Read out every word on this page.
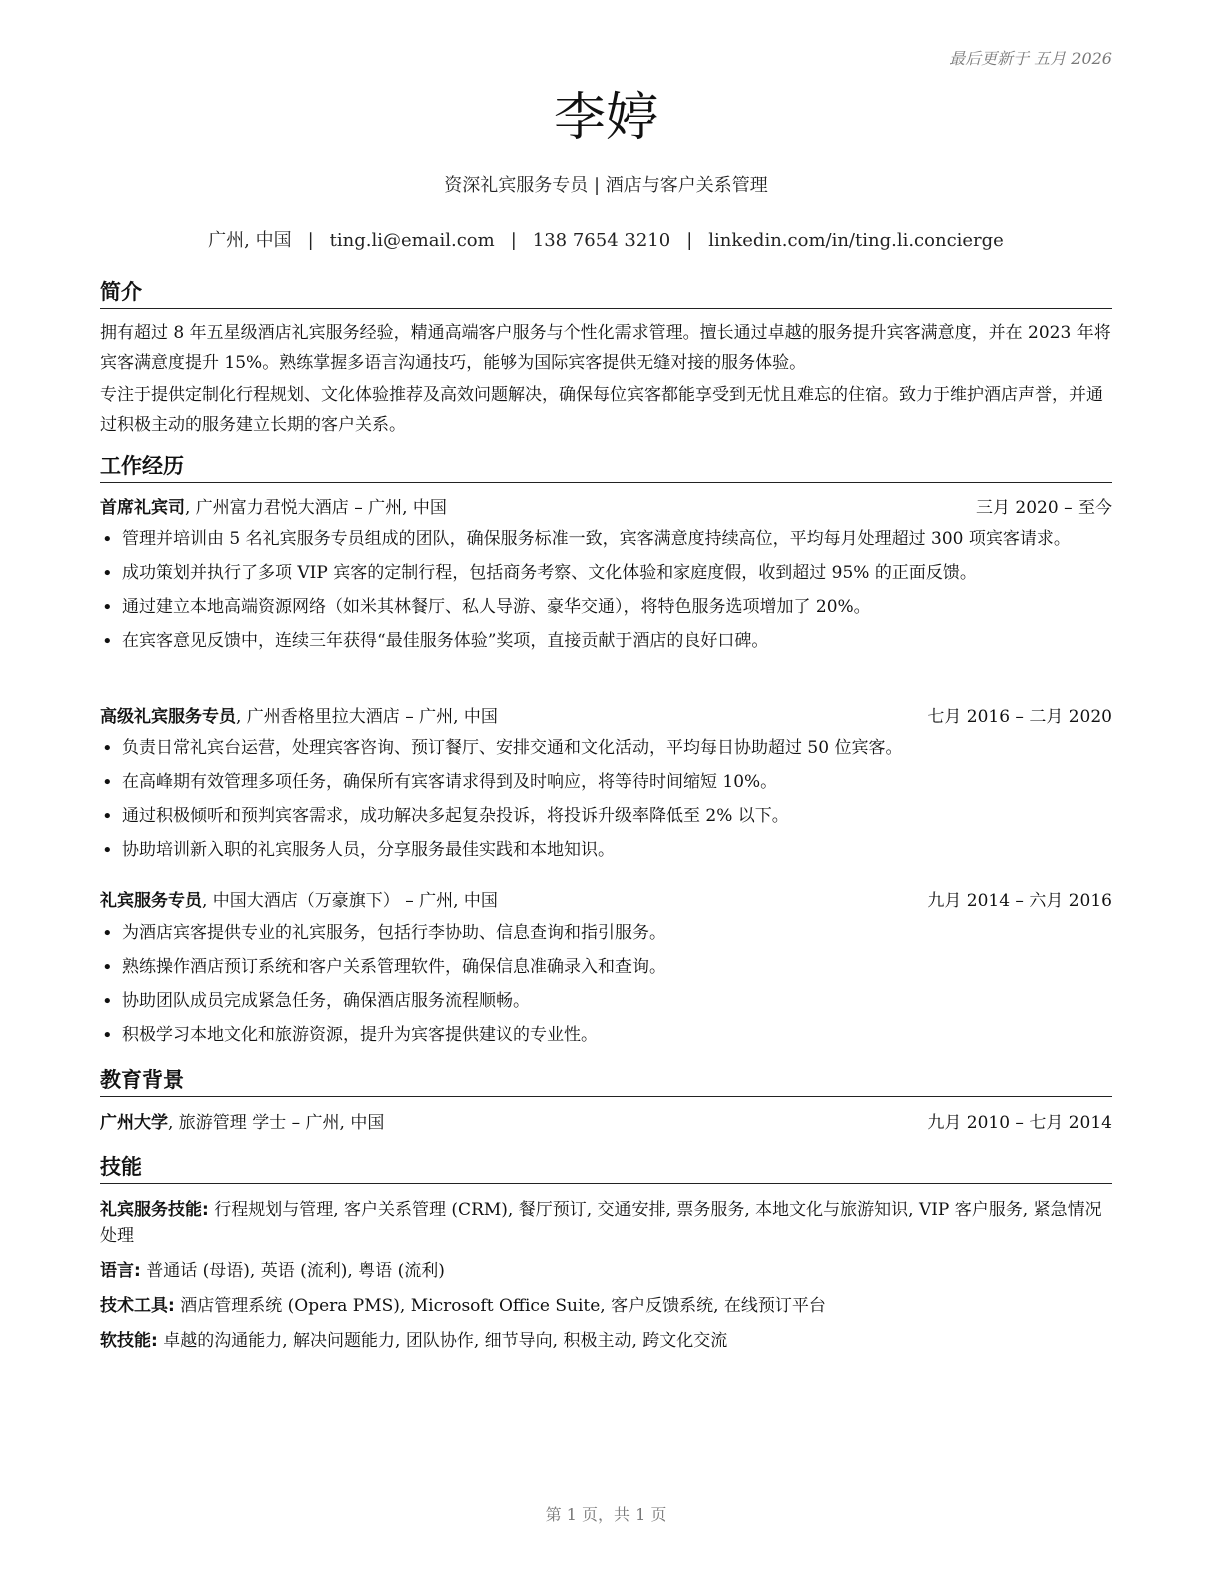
最后更新于 五月 2026
李婷
资深礼宾服务专员 | 酒店与客户关系管理
广州, 中国 | ting.li@email.com | 138 7654 3210 | linkedin.com/in/ting.li.concierge
简介
拥有超过 8 年五星级酒店礼宾服务经验，精通高端客户服务与个性化需求管理。擅长通过卓越的服务提升宾客满意度，并在 2023 年将宾客满意度提升 15%。熟练掌握多语言沟通技巧，能够为国际宾客提供无缝对接的服务体验。
专注于提供定制化行程规划、文化体验推荐及高效问题解决，确保每位宾客都能享受到无忧且难忘的住宿。致力于维护酒店声誉，并通过积极主动的服务建立长期的客户关系。
工作经历
首席礼宾司, 广州富力君悦大酒店 – 广州, 中国	三月 2020 – 至今
• 管理并培训由 5 名礼宾服务专员组成的团队，确保服务标准一致，宾客满意度持续高位，平均每月处理超过 300 项宾客请求。
• 成功策划并执行了多项 VIP 宾客的定制行程，包括商务考察、文化体验和家庭度假，收到超过 95% 的正面反馈。
• 通过建立本地高端资源网络（如米其林餐厅、私人导游、豪华交通），将特色服务选项增加了 20%。
• 在宾客意见反馈中，连续三年获得“最佳服务体验”奖项，直接贡献于酒店的良好口碑。
高级礼宾服务专员, 广州香格里拉大酒店 – 广州, 中国	七月 2016 – 二月 2020
• 负责日常礼宾台运营，处理宾客咨询、预订餐厅、安排交通和文化活动，平均每日协助超过 50 位宾客。
• 在高峰期有效管理多项任务，确保所有宾客请求得到及时响应，将等待时间缩短 10%。
• 通过积极倾听和预判宾客需求，成功解决多起复杂投诉，将投诉升级率降低至 2% 以下。
• 协助培训新入职的礼宾服务人员，分享服务最佳实践和本地知识。
礼宾服务专员, 中国大酒店（万豪旗下） – 广州, 中国	九月 2014 – 六月 2016
• 为酒店宾客提供专业的礼宾服务，包括行李协助、信息查询和指引服务。
• 熟练操作酒店预订系统和客户关系管理软件，确保信息准确录入和查询。
• 协助团队成员完成紧急任务，确保酒店服务流程顺畅。
• 积极学习本地文化和旅游资源，提升为宾客提供建议的专业性。
教育背景
广州大学, 旅游管理 学士 – 广州, 中国	九月 2010 – 七月 2014
技能
礼宾服务技能: 行程规划与管理, 客户关系管理 (CRM), 餐厅预订, 交通安排, 票务服务, 本地文化与旅游知识, VIP 客户服务, 紧急情况处理
语言: 普通话 (母语), 英语 (流利), 粤语 (流利)
技术工具: 酒店管理系统 (Opera PMS), Microsoft Office Suite, 客户反馈系统, 在线预订平台
软技能: 卓越的沟通能力, 解决问题能力, 团队协作, 细节导向, 积极主动, 跨文化交流
第 1 页，共 1 页
